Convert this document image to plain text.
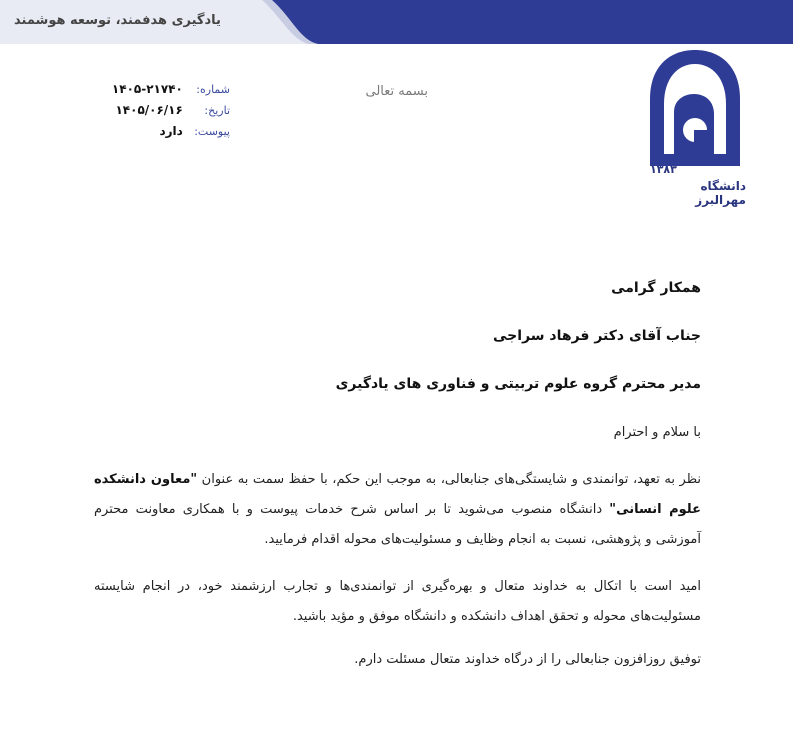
یادگیری هدفمند، توسعه هوشمند
۱۳۸۳
دانشگاه مهرالبرز
بسمه تعالی
شماره:
۱۴۰۵-۲۱۷۴۰
تاریخ:
۱۴۰۵/۰۶/۱۶
پیوست:
دارد

همکار گرامی

جناب آقای دکتر فرهاد سراجی

مدیر محترم گروه علوم تربیتی و فناوری های یادگیری

با سلام و احترام
نظر به تعهد، توانمندی و شایستگی‌های جنابعالی، به موجب این حکم، با حفظ سمت به عنوان "معاون دانشکده علوم انسانی" دانشگاه منصوب می‌شوید تا بر اساس شرح خدمات پیوست و با همکاری معاونت محترم آموزشی و پژوهشی، نسبت به انجام وظایف و مسئولیت‌های محوله اقدام فرمایید.
امید است با اتکال به خداوند متعال و بهره‌گیری از توانمندی‌ها و تجارب ارزشمند خود، در انجام شایسته مسئولیت‌های محوله و تحقق اهداف دانشکده و دانشگاه موفق و مؤید باشید.
توفیق روزافزون جنابعالی را از درگاه خداوند متعال مسئلت دارم.
